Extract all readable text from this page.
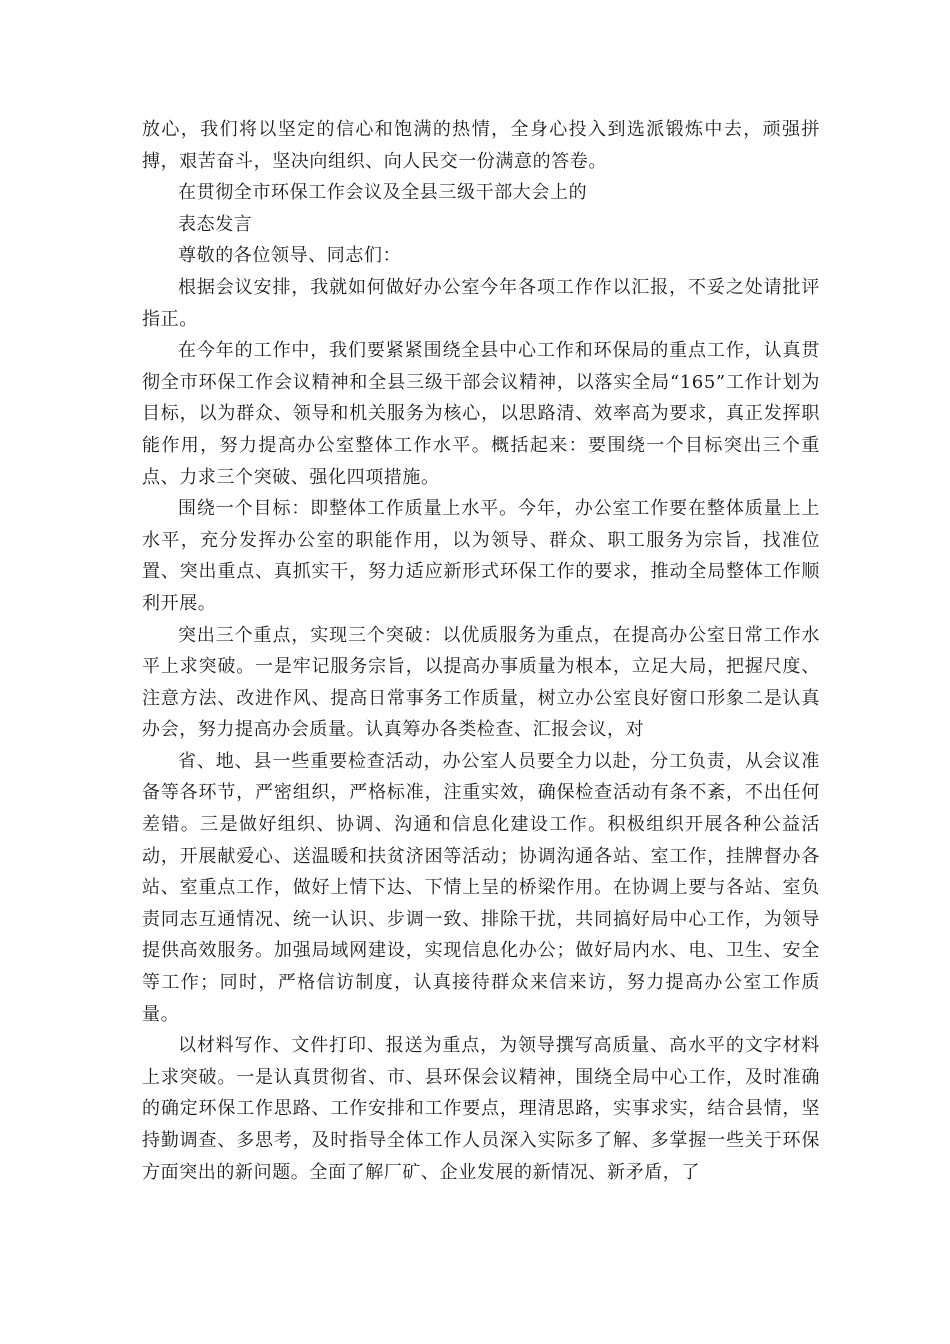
放心，我们将以坚定的信心和饱满的热情，全身心投入到选派锻炼中去，顽强拼搏，艰苦奋斗，坚决向组织、向人民交一份满意的答卷。

在贯彻全市环保工作会议及全县三级干部大会上的

表态发言

尊敬的各位领导、同志们：

根据会议安排，我就如何做好办公室今年各项工作作以汇报，不妥之处请批评指正。

在今年的工作中，我们要紧紧围绕全县中心工作和环保局的重点工作，认真贯彻全市环保工作会议精神和全县三级干部会议精神，以落实全局“165”工作计划为目标，以为群众、领导和机关服务为核心，以思路清、效率高为要求，真正发挥职能作用，努力提高办公室整体工作水平。概括起来：要围绕一个目标突出三个重点、力求三个突破、强化四项措施。

围绕一个目标：即整体工作质量上水平。今年，办公室工作要在整体质量上上水平，充分发挥办公室的职能作用，以为领导、群众、职工服务为宗旨，找准位置、突出重点、真抓实干，努力适应新形式环保工作的要求，推动全局整体工作顺利开展。

突出三个重点，实现三个突破：以优质服务为重点，在提高办公室日常工作水平上求突破。一是牢记服务宗旨，以提高办事质量为根本，立足大局，把握尺度、注意方法、改进作风、提高日常事务工作质量，树立办公室良好窗口形象二是认真办会，努力提高办会质量。认真筹办各类检查、汇报会议，对

省、地、县一些重要检查活动，办公室人员要全力以赴，分工负责，从会议准备等各环节，严密组织，严格标准，注重实效，确保检查活动有条不紊，不出任何差错。三是做好组织、协调、沟通和信息化建设工作。积极组织开展各种公益活动，开展献爱心、送温暖和扶贫济困等活动；协调沟通各站、室工作，挂牌督办各站、室重点工作，做好上情下达、下情上呈的桥梁作用。在协调上要与各站、室负责同志互通情况、统一认识、步调一致、排除干扰，共同搞好局中心工作，为领导提供高效服务。加强局域网建设，实现信息化办公；做好局内水、电、卫生、安全等工作；同时，严格信访制度，认真接待群众来信来访，努力提高办公室工作质量。

以材料写作、文件打印、报送为重点，为领导撰写高质量、高水平的文字材料上求突破。一是认真贯彻省、市、县环保会议精神，围绕全局中心工作，及时准确的确定环保工作思路、工作安排和工作要点，理清思路，实事求实，结合县情，坚持勤调查、多思考，及时指导全体工作人员深入实际多了解、多掌握一些关于环保方面突出的新问题。全面了解厂矿、企业发展的新情况、新矛盾，了
